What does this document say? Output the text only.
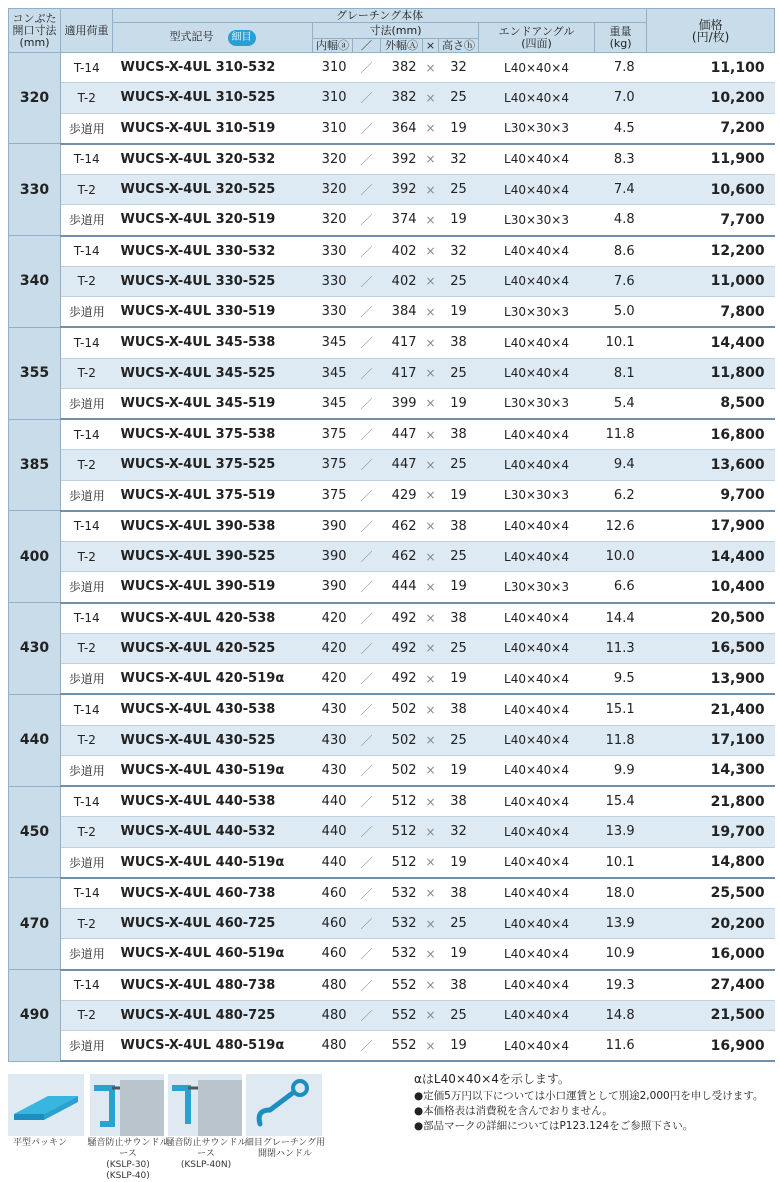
コンぶた
開口寸法
(mm)	適用荷重	グレーチング本体								価格
(円/枚)
		型式記号 細目	寸法(mm)					エンドアングル
(四面)	重量
(kg)	
			内幅ⓐ	／	外幅Ⓐ	×	高さⓗ			
320	T-14	WUCS-X-4UL 310-532	310	／	382	×	32	L40×40×4	7.8	11,100
	T-2	WUCS-X-4UL 310-525	310	／	382	×	25	L40×40×4	7.0	10,200
	歩道用	WUCS-X-4UL 310-519	310	／	364	×	19	L30×30×3	4.5	7,200
330	T-14	WUCS-X-4UL 320-532	320	／	392	×	32	L40×40×4	8.3	11,900
	T-2	WUCS-X-4UL 320-525	320	／	392	×	25	L40×40×4	7.4	10,600
	歩道用	WUCS-X-4UL 320-519	320	／	374	×	19	L30×30×3	4.8	7,700
340	T-14	WUCS-X-4UL 330-532	330	／	402	×	32	L40×40×4	8.6	12,200
	T-2	WUCS-X-4UL 330-525	330	／	402	×	25	L40×40×4	7.6	11,000
	歩道用	WUCS-X-4UL 330-519	330	／	384	×	19	L30×30×3	5.0	7,800
355	T-14	WUCS-X-4UL 345-538	345	／	417	×	38	L40×40×4	10.1	14,400
	T-2	WUCS-X-4UL 345-525	345	／	417	×	25	L40×40×4	8.1	11,800
	歩道用	WUCS-X-4UL 345-519	345	／	399	×	19	L30×30×3	5.4	8,500
385	T-14	WUCS-X-4UL 375-538	375	／	447	×	38	L40×40×4	11.8	16,800
	T-2	WUCS-X-4UL 375-525	375	／	447	×	25	L40×40×4	9.4	13,600
	歩道用	WUCS-X-4UL 375-519	375	／	429	×	19	L30×30×3	6.2	9,700
400	T-14	WUCS-X-4UL 390-538	390	／	462	×	38	L40×40×4	12.6	17,900
	T-2	WUCS-X-4UL 390-525	390	／	462	×	25	L40×40×4	10.0	14,400
	歩道用	WUCS-X-4UL 390-519	390	／	444	×	19	L30×30×3	6.6	10,400
430	T-14	WUCS-X-4UL 420-538	420	／	492	×	38	L40×40×4	14.4	20,500
	T-2	WUCS-X-4UL 420-525	420	／	492	×	25	L40×40×4	11.3	16,500
	歩道用	WUCS-X-4UL 420-519α	420	／	492	×	19	L40×40×4	9.5	13,900
440	T-14	WUCS-X-4UL 430-538	430	／	502	×	38	L40×40×4	15.1	21,400
	T-2	WUCS-X-4UL 430-525	430	／	502	×	25	L40×40×4	11.8	17,100
	歩道用	WUCS-X-4UL 430-519α	430	／	502	×	19	L40×40×4	9.9	14,300
450	T-14	WUCS-X-4UL 440-538	440	／	512	×	38	L40×40×4	15.4	21,800
	T-2	WUCS-X-4UL 440-532	440	／	512	×	32	L40×40×4	13.9	19,700
	歩道用	WUCS-X-4UL 440-519α	440	／	512	×	19	L40×40×4	10.1	14,800
470	T-14	WUCS-X-4UL 460-738	460	／	532	×	38	L40×40×4	18.0	25,500
	T-2	WUCS-X-4UL 460-725	460	／	532	×	25	L40×40×4	13.9	20,200
	歩道用	WUCS-X-4UL 460-519α	460	／	532	×	19	L40×40×4	10.9	16,000
490	T-14	WUCS-X-4UL 480-738	480	／	552	×	38	L40×40×4	19.3	27,400
	T-2	WUCS-X-4UL 480-725	480	／	552	×	25	L40×40×4	14.8	21,500
	歩道用	WUCS-X-4UL 480-519α	480	／	552	×	19	L40×40×4	11.6	16,900
平型パッキン	騒音防止サウンドルース
(KSLP-30)
(KSLP-40)
騒音防止サウンドルース
(KSLP-40N)
細目グレーチング用
開閉ハンドル
αはL40×40×4を示します。
●定価5万円以下については小口運賃として別途2,000円を申し受けます。
●本価格表は消費税を含んでおりません。
●部品マークの詳細についてはP123.124をご参照下さい。
